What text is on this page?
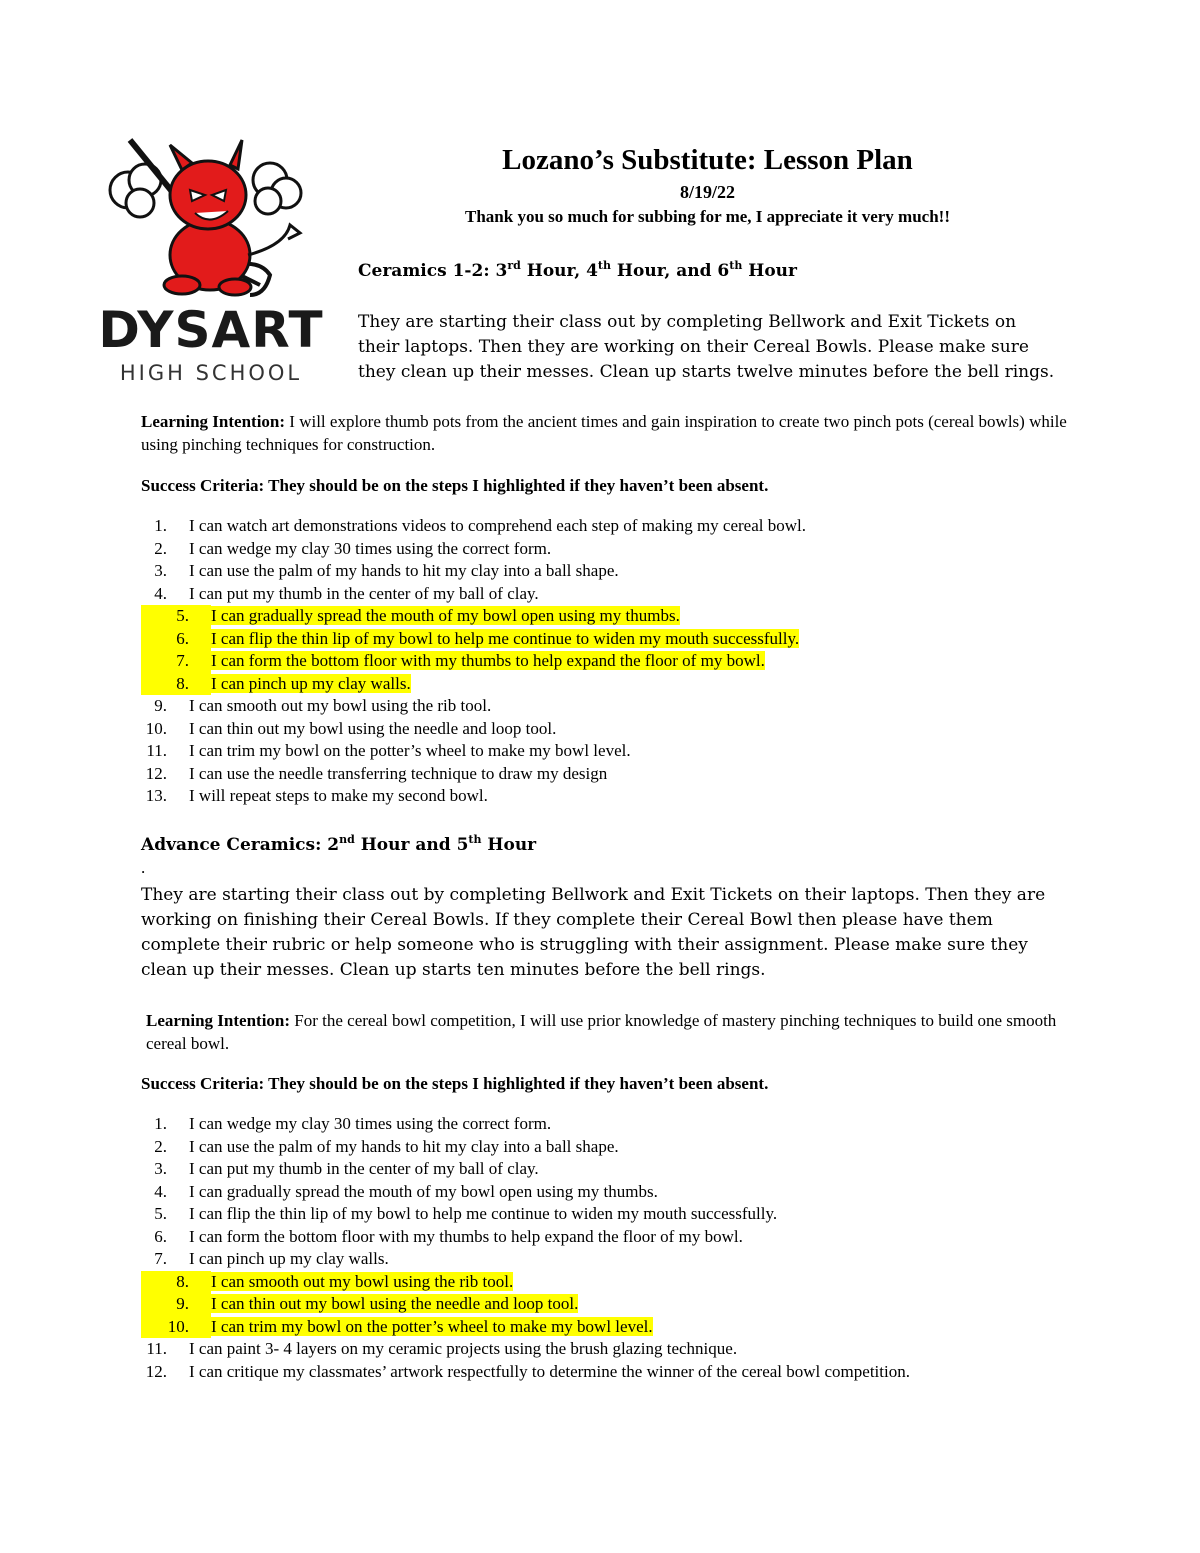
DYSART
HIGH SCHOOL
Lozano’s Substitute: Lesson Plan
8/19/22
Thank you so much for subbing for me, I appreciate it very much!!
Ceramics 1-2: 3rd Hour, 4th Hour, and 6th Hour
They are starting their class out by completing Bellwork and Exit Tickets on their laptops. Then they are working on their Cereal Bowls. Please make sure they clean up their messes. Clean up starts twelve minutes before the bell rings.
Learning Intention: I will explore thumb pots from the ancient times and gain inspiration to create two pinch pots (cereal bowls) while using pinching techniques for construction.
Success Criteria: They should be on the steps I highlighted if they haven’t been absent.
1. I can watch art demonstrations videos to comprehend each step of making my cereal bowl.
2. I can wedge my clay 30 times using the correct form.
3. I can use the palm of my hands to hit my clay into a ball shape.
4. I can put my thumb in the center of my ball of clay.
5. I can gradually spread the mouth of my bowl open using my thumbs.
6. I can flip the thin lip of my bowl to help me continue to widen my mouth successfully.
7. I can form the bottom floor with my thumbs to help expand the floor of my bowl.
8. I can pinch up my clay walls.
9. I can smooth out my bowl using the rib tool.
10. I can thin out my bowl using the needle and loop tool.
11. I can trim my bowl on the potter’s wheel to make my bowl level.
12. I can use the needle transferring technique to draw my design
13. I will repeat steps to make my second bowl.
Advance Ceramics: 2nd Hour and 5th Hour
.
They are starting their class out by completing Bellwork and Exit Tickets on their laptops. Then they are working on finishing their Cereal Bowls. If they complete their Cereal Bowl then please have them complete their rubric or help someone who is struggling with their assignment. Please make sure they clean up their messes. Clean up starts ten minutes before the bell rings.
Learning Intention: For the cereal bowl competition, I will use prior knowledge of mastery pinching techniques to build one smooth cereal bowl.
Success Criteria: They should be on the steps I highlighted if they haven’t been absent.
1. I can wedge my clay 30 times using the correct form.
2. I can use the palm of my hands to hit my clay into a ball shape.
3. I can put my thumb in the center of my ball of clay.
4. I can gradually spread the mouth of my bowl open using my thumbs.
5. I can flip the thin lip of my bowl to help me continue to widen my mouth successfully.
6. I can form the bottom floor with my thumbs to help expand the floor of my bowl.
7. I can pinch up my clay walls.
8. I can smooth out my bowl using the rib tool.
9. I can thin out my bowl using the needle and loop tool.
10. I can trim my bowl on the potter’s wheel to make my bowl level.
11. I can paint 3- 4 layers on my ceramic projects using the brush glazing technique.
12. I can critique my classmates’ artwork respectfully to determine the winner of the cereal bowl competition.
